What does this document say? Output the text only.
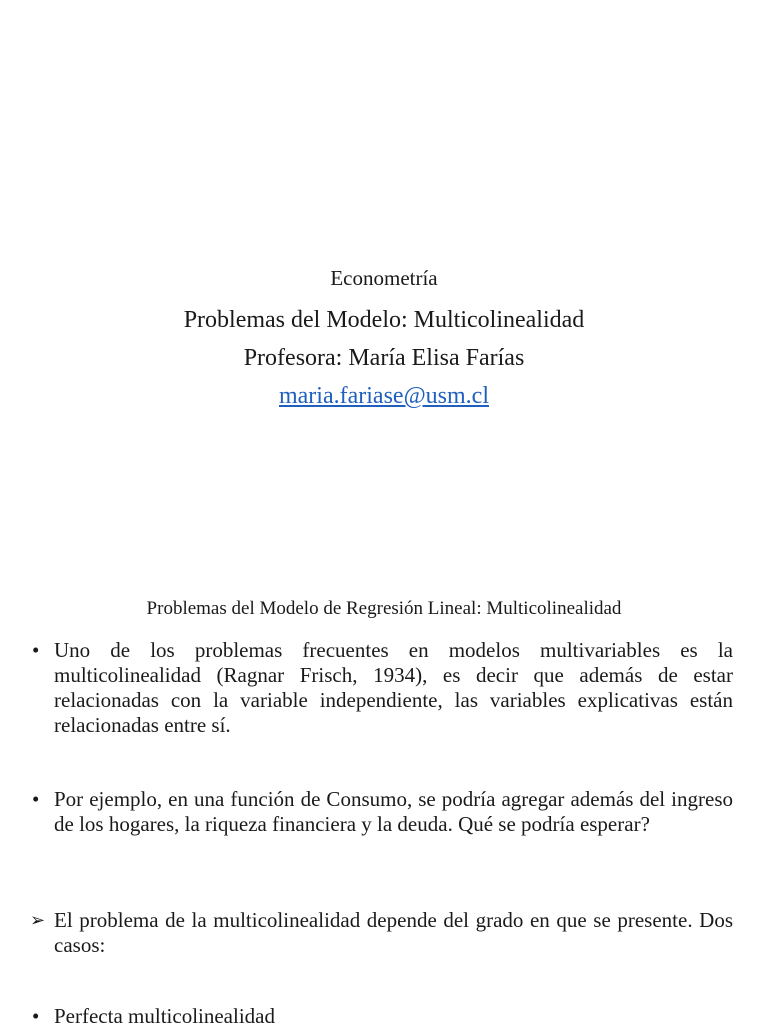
Econometría
Problemas del Modelo: Multicolinealidad
Profesora: María Elisa Farías
maria.fariase@usm.cl
Problemas del Modelo de Regresión Lineal: Multicolinealidad
• Uno de los problemas frecuentes en modelos multivariables es la multicolinealidad (Ragnar Frisch, 1934), es decir que además de estar relacionadas con la variable independiente, las variables explicativas están relacionadas entre sí.
• Por ejemplo, en una función de Consumo, se podría agregar además del ingreso de los hogares, la riqueza financiera y la deuda. Qué se podría esperar?
➢ El problema de la multicolinealidad depende del grado en que se presente. Dos casos:
• Perfecta multicolinealidad
